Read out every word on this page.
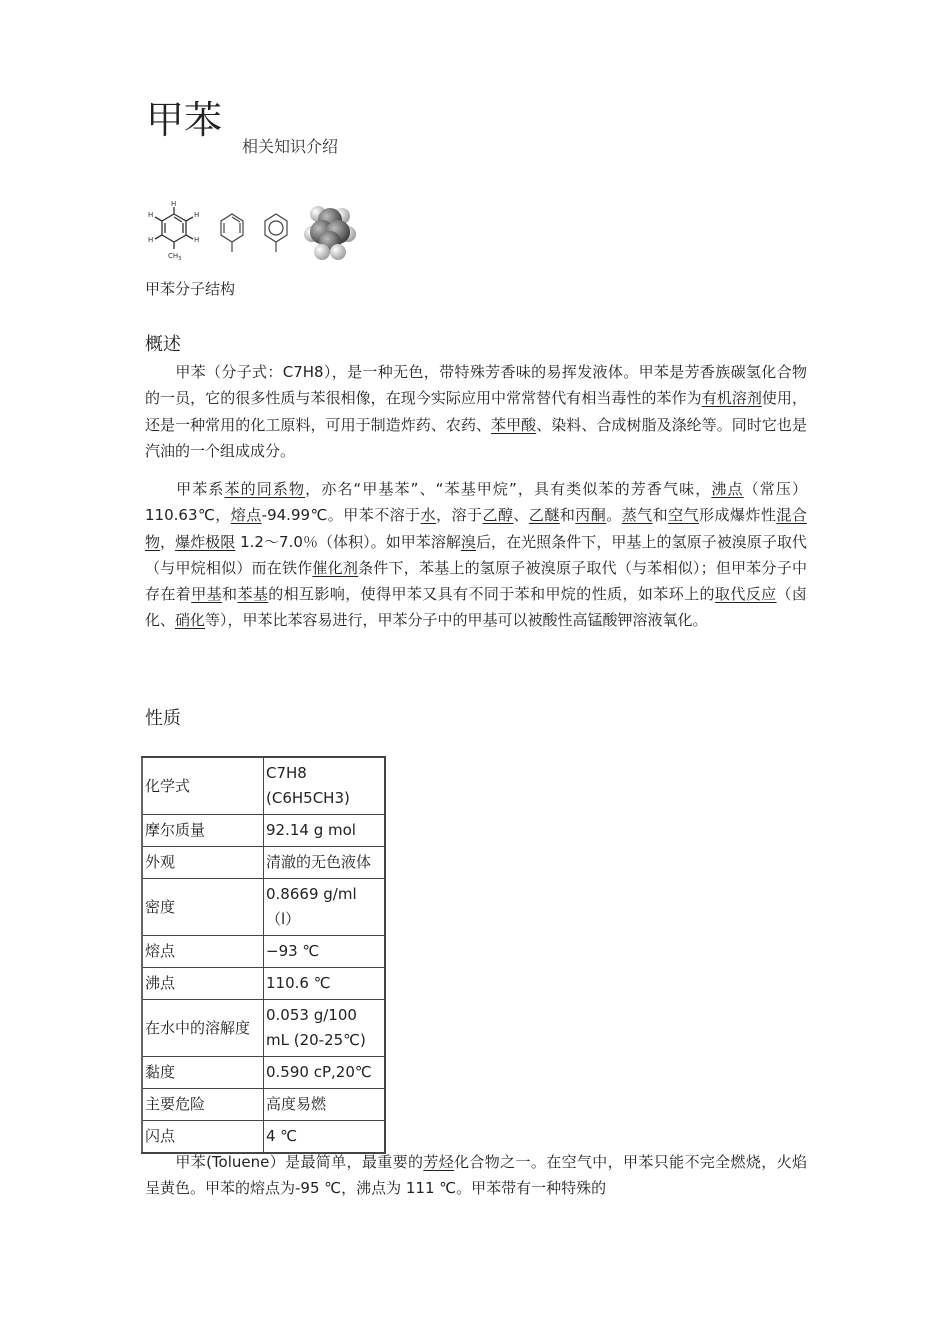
甲苯
相关知识介绍
H
H
H
H
H
$CH_3$
甲苯分子结构
概述

甲苯（分子式：C7H8），是一种无色，带特殊芳香味的易挥发液体。甲苯是芳香族碳氢化合物的一员，它的很多性质与苯很相像，在现今实际应用中常常替代有相当毒性的苯作为有机溶剂使用，还是一种常用的化工原料，可用于制造炸药、农药、苯甲酸、染料、合成树脂及涤纶等。同时它也是汽油的一个组成成分。

甲苯系苯的同系物，亦名“甲基苯”、“苯基甲烷”，具有类似苯的芳香气味，沸点（常压）110.63℃，熔点-94.99℃。甲苯不溶于水，溶于乙醇、乙醚和丙酮。蒸气和空气形成爆炸性混合物，爆炸极限 1.2～7.0％（体积）。如甲苯溶解溴后，在光照条件下，甲基上的氢原子被溴原子取代（与甲烷相似）而在铁作催化剂条件下，苯基上的氢原子被溴原子取代（与苯相似）；但甲苯分子中存在着甲基和苯基的相互影响，使得甲苯又具有不同于苯和甲烷的性质，如苯环上的取代反应（卤化、硝化等），甲苯比苯容易进行，甲苯分子中的甲基可以被酸性高锰酸钾溶液氧化。

性质
化学式	C7H8 (C6H5CH3)
摩尔质量	92.14 g mol
外观	清澈的无色液体
密度	0.8669 g/ml（l）
熔点	−93 ℃
沸点	110.6 ℃
在水中的溶解度	0.053 g/100 mL (20-25℃)
黏度	0.590 cP,20℃
主要危险	高度易燃
闪点	4 ℃

甲苯(Toluene）是最简单，最重要的芳烃化合物之一。在空气中，甲苯只能不完全燃烧，火焰呈黄色。甲苯的熔点为-95 ℃，沸点为 111 ℃。甲苯带有一种特殊的
